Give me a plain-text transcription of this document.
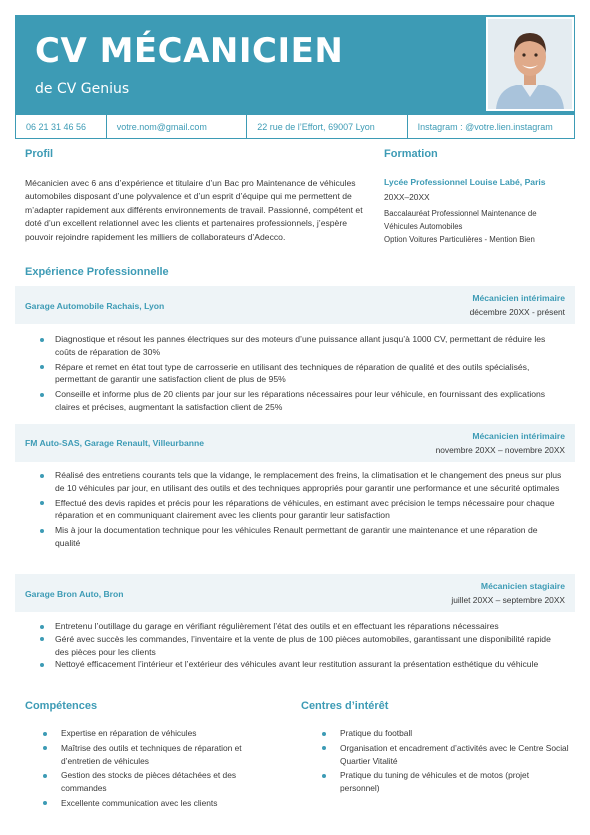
CV MÉCANICIEN
de CV Genius
06 21 31 46 56	votre.nom@gmail.com	22 rue de l’Effort, 69007 Lyon	Instagram : @votre.lien.instagram
Profil
Mécanicien avec 6 ans d’expérience et titulaire d’un Bac pro Maintenance de véhicules automobiles disposant d’une polyvalence et d’un esprit d’équipe qui me permettent de m’adapter rapidement aux différents environnements de travail. Passionné, compétent et doté d’un excellent relationnel avec les clients et partenaires professionnels, j’espère pouvoir rejoindre rapidement les milliers de collaborateurs d’Adecco.
Formation
Lycée Professionnel Louise Labé, Paris
20XX–20XX
Baccalauréat Professionnel Maintenance de Véhicules Automobiles
Option Voitures Particulières - Mention Bien
Expérience Professionnelle
Garage Automobile Rachais, Lyon
Mécanicien intérimaire
décembre 20XX - présent
Diagnostique et résout les pannes électriques sur des moteurs d’une puissance allant jusqu’à 1000 CV, permettant de réduire les coûts de réparation de 30%
Répare et remet en état tout type de carrosserie en utilisant des techniques de réparation de qualité et des outils spécialisés, permettant de garantir une satisfaction client de plus de 95%
Conseille et informe plus de 20 clients par jour sur les réparations nécessaires pour leur véhicule, en fournissant des explications claires et précises, augmentant la satisfaction client de 25%
FM Auto-SAS, Garage Renault, Villeurbanne
Mécanicien intérimaire
novembre 20XX – novembre 20XX
Réalisé des entretiens courants tels que la vidange, le remplacement des freins, la climatisation et le changement des pneus sur plus de 10 véhicules par jour, en utilisant des outils et des techniques appropriés pour garantir une performance et une sécurité optimales
Effectué des devis rapides et précis pour les réparations de véhicules, en estimant avec précision le temps nécessaire pour chaque réparation et en communiquant clairement avec les clients pour garantir leur satisfaction
Mis à jour la documentation technique pour les véhicules Renault permettant de garantir une maintenance et une réparation de qualité
Garage Bron Auto, Bron
Mécanicien stagiaire
juillet 20XX – septembre 20XX
Entretenu l’outillage du garage en vérifiant régulièrement l’état des outils et en effectuant les réparations nécessaires
Géré avec succès les commandes, l’inventaire et la vente de plus de 100 pièces automobiles, garantissant une disponibilité rapide des pièces pour les clients
Nettoyé efficacement l’intérieur et l’extérieur des véhicules avant leur restitution assurant la présentation esthétique du véhicule
Compétences
Expertise en réparation de véhicules
Maîtrise des outils et techniques de réparation et d’entretien de véhicules
Gestion des stocks de pièces détachées et des commandes
Excellente communication avec les clients
Centres d’intérêt
Pratique du football
Organisation et encadrement d’activités avec le Centre Social Quartier Vitalité
Pratique du tuning de véhicules et de motos (projet personnel)
